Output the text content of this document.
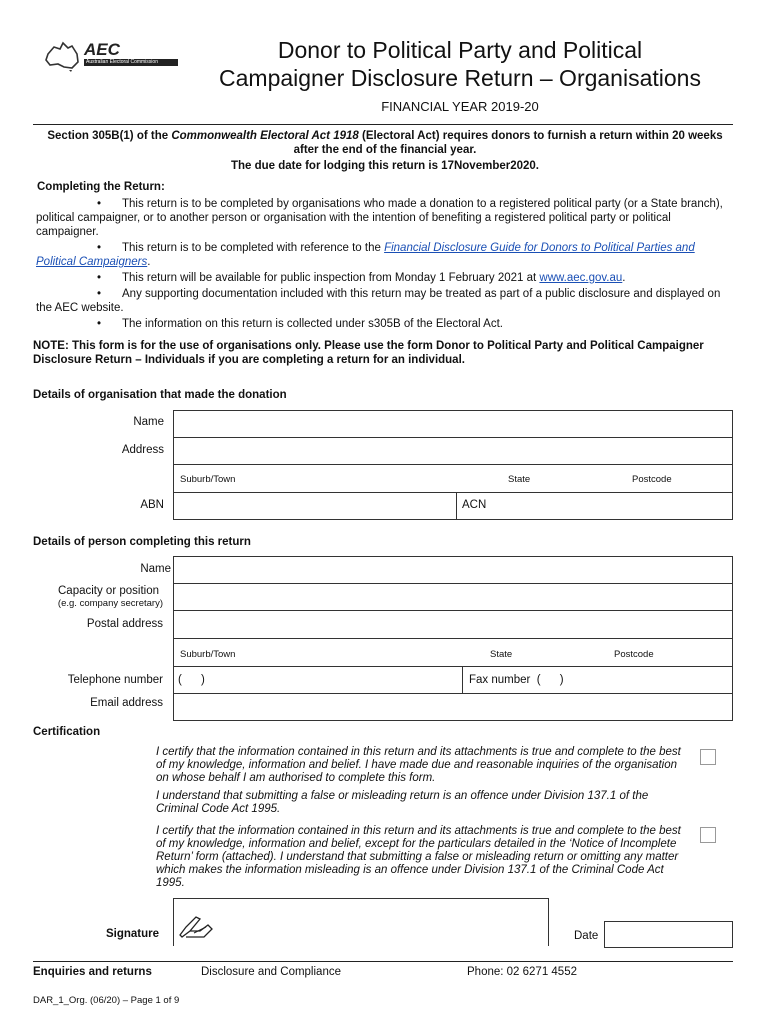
AEC
Australian Electoral Commission	Donor to Political Party and Political
Campaigner Disclosure Return – Organisations
FINANCIAL YEAR 2019-20
Section 305B(1) of the Commonwealth Electoral Act 1918 (Electoral Act) requires donors to furnish a return within 20 weeks after the end of the financial year.
The due date for lodging this return is 17November2020.
Completing the Return:
• This return is to be completed by organisations who made a donation to a registered political party (or a State branch), political campaigner, or to another person or organisation with the intention of benefiting a registered political party or political campaigner.
• This return is to be completed with reference to the Financial Disclosure Guide for Donors to Political Parties and Political Campaigners.
• This return will be available for public inspection from Monday 1 February 2021 at www.aec.gov.au.
• Any supporting documentation included with this return may be treated as part of a public disclosure and displayed on the AEC website.
• The information on this return is collected under s305B of the Electoral Act.
NOTE: This form is for the use of organisations only. Please use the form Donor to Political Party and Political Campaigner Disclosure Return – Individuals if you are completing a return for an individual.
Details of organisation that made the donation
Name
Address
Suburb/Town	State	Postcode
ABN	ACN
Details of person completing this return
Name
Capacity or position
(e.g. company secretary)
Postal address
Suburb/Town	State	Postcode
Telephone number (      )	Fax number  (      )
Email address
Certification
I certify that the information contained in this return and its attachments is true and complete to the best of my knowledge, information and belief. I have made due and reasonable inquiries of the organisation on whose behalf I am authorised to complete this form.
I understand that submitting a false or misleading return is an offence under Division 137.1 of the Criminal Code Act 1995.
I certify that the information contained in this return and its attachments is true and complete to the best of my knowledge, information and belief, except for the particulars detailed in the ‘Notice of Incomplete Return’ form (attached). I understand that submitting a false or misleading return or omitting any matter which makes the information misleading is an offence under Division 137.1 of the Criminal Code Act 1995.
Signature	Date
Enquiries and returns	Disclosure and Compliance	Phone: 02 6271 4552
DAR_1_Org. (06/20) – Page 1 of 9
